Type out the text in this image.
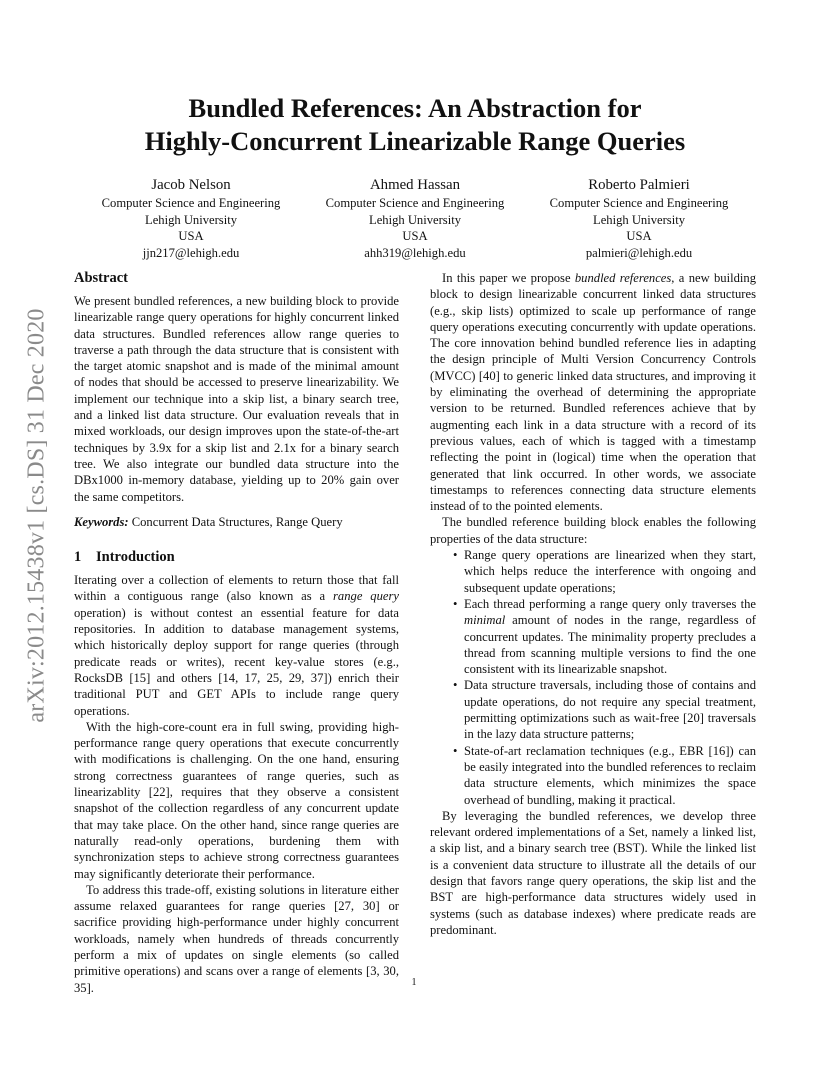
arXiv:2012.15438v1 [cs.DS] 31 Dec 2020
Bundled References: An Abstraction for
Highly-Concurrent Linearizable Range Queries
Jacob Nelson
Computer Science and Engineering
Lehigh University
USA
jjn217@lehigh.edu
Ahmed Hassan
Computer Science and Engineering
Lehigh University
USA
ahh319@lehigh.edu
Roberto Palmieri
Computer Science and Engineering
Lehigh University
USA
palmieri@lehigh.edu
Abstract

We present bundled references, a new building block to provide linearizable range query operations for highly concurrent linked data structures. Bundled references allow range queries to traverse a path through the data structure that is consistent with the target atomic snapshot and is made of the minimal amount of nodes that should be accessed to preserve linearizability. We implement our technique into a skip list, a binary search tree, and a linked list data structure. Our evaluation reveals that in mixed workloads, our design improves upon the state-of-the-art techniques by 3.9x for a skip list and 2.1x for a binary search tree. We also integrate our bundled data structure into the DBx1000 in-memory database, yielding up to 20% gain over the same competitors.

Keywords: Concurrent Data Structures, Range Query

1	Introduction

Iterating over a collection of elements to return those that fall within a contiguous range (also known as a range query operation) is without contest an essential feature for data repositories. In addition to database management systems, which historically deploy support for range queries (through predicate reads or writes), recent key-value stores (e.g., RocksDB [15] and others [14, 17, 25, 29, 37]) enrich their traditional PUT and GET APIs to include range query operations.

With the high-core-count era in full swing, providing high-performance range query operations that execute concurrently with modifications is challenging. On the one hand, ensuring strong correctness guarantees of range queries, such as linearizablity [22], requires that they observe a consistent snapshot of the collection regardless of any concurrent update that may take place. On the other hand, since range queries are naturally read-only operations, burdening them with synchronization steps to achieve strong correctness guarantees may significantly deteriorate their performance.

To address this trade-off, existing solutions in literature either assume relaxed guarantees for range queries [27, 30] or sacrifice providing high-performance under highly concurrent workloads, namely when hundreds of threads concurrently perform a mix of updates on single elements (so called primitive operations) and scans over a range of elements [3, 30, 35].

In this paper we propose bundled references, a new building block to design linearizable concurrent linked data structures (e.g., skip lists) optimized to scale up performance of range query operations executing concurrently with update operations. The core innovation behind bundled reference lies in adapting the design principle of Multi Version Concurrency Controls (MVCC) [40] to generic linked data structures, and improving it by eliminating the overhead of determining the appropriate version to be returned. Bundled references achieve that by augmenting each link in a data structure with a record of its previous values, each of which is tagged with a timestamp reflecting the point in (logical) time when the operation that generated that link occurred. In other words, we associate timestamps to references connecting data structure elements instead of to the pointed elements.

The bundled reference building block enables the following properties of the data structure:

• Range query operations are linearized when they start, which helps reduce the interference with ongoing and subsequent update operations;
• Each thread performing a range query only traverses the minimal amount of nodes in the range, regardless of concurrent updates. The minimality property precludes a thread from scanning multiple versions to find the one consistent with its linearizable snapshot.
• Data structure traversals, including those of contains and update operations, do not require any special treatment, permitting optimizations such as wait-free [20] traversals in the lazy data structure patterns;
• State-of-art reclamation techniques (e.g., EBR [16]) can be easily integrated into the bundled references to reclaim data structure elements, which minimizes the space overhead of bundling, making it practical.

By leveraging the bundled references, we develop three relevant ordered implementations of a Set, namely a linked list, a skip list, and a binary search tree (BST). While the linked list is a convenient data structure to illustrate all the details of our design that favors range query operations, the skip list and the BST are high-performance data structures widely used in systems (such as database indexes) where predicate reads are predominant.

1
